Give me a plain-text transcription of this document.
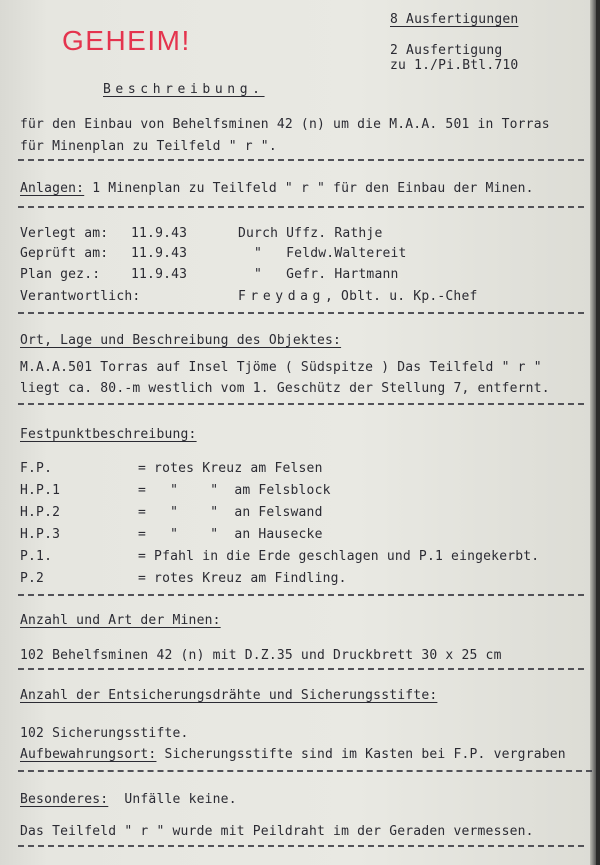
GEHEIM!
8 Ausfertigungen
2 Ausfertigung
zu 1./Pi.Btl.710
Beschreibung.
für den Einbau von Behelfsminen 42 (n) um die M.A.A. 501 in Torras
für Minenplan zu Teilfeld " r ".
Anlagen: 1 Minenplan zu Teilfeld " r " für den Einbau der Minen.
Verlegt am: 11.9.43	Durch Uffz. Rathje
Geprüft am: 11.9.43	"   Feldw.Waltereit
Plan gez.: 11.9.43	"   Gefr. Hartmann
Verantwortlich:	Freydag, Oblt. u. Kp.-Chef
Ort, Lage und Beschreibung des Objektes:
M.A.A.501 Torras auf Insel Tjöme ( Südspitze ) Das Teilfeld " r "
liegt ca. 80.-m westlich vom 1. Geschütz der Stellung 7, entfernt.
Festpunktbeschreibung:
F.P.	= rotes Kreuz am Felsen
H.P.1	=   "    "  am Felsblock
H.P.2	=   "    "  an Felswand
H.P.3	=   "    "  an Hausecke
P.1.	= Pfahl in die Erde geschlagen und P.1 eingekerbt.
P.2	= rotes Kreuz am Findling.
Anzahl und Art der Minen:
102 Behelfsminen 42 (n) mit D.Z.35 und Druckbrett 30 x 25 cm
Anzahl der Entsicherungsdrähte und Sicherungsstifte:
102 Sicherungsstifte.
Aufbewahrungsort: Sicherungsstifte sind im Kasten bei F.P. vergraben
Besonderes:  Unfälle keine.
Das Teilfeld " r " wurde mit Peildraht im der Geraden vermessen.
